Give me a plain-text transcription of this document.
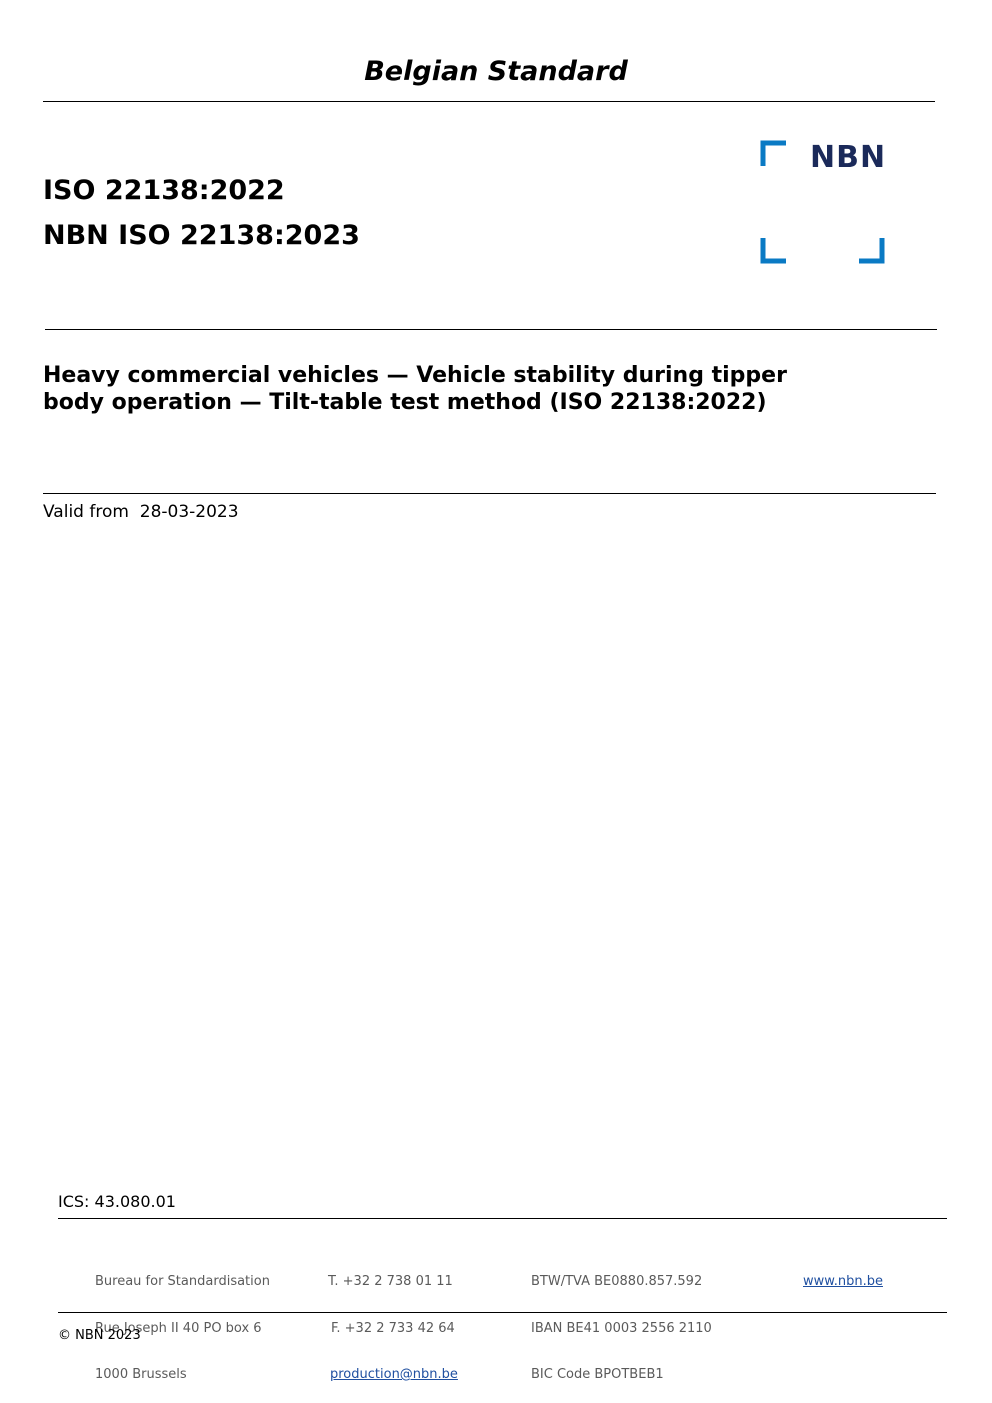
Belgian Standard
ISO 22138:2022
NBN ISO 22138:2023
NBN
Heavy commercial vehicles — Vehicle stability during tipper
body operation — Tilt-table test method (ISO 22138:2022)
Valid from 28-03-2023
ICS: 43.080.01

Bureau for Standardisation

Rue Joseph II 40 PO box 6

1000 Brussels

T. +32 2 738 01 11

F. +32 2 733 42 64

production@nbn.be

BTW/TVA BE0880.857.592

IBAN BE41 0003 2556 2110

BIC Code BPOTBEB1

www.nbn.be

© NBN 2023
